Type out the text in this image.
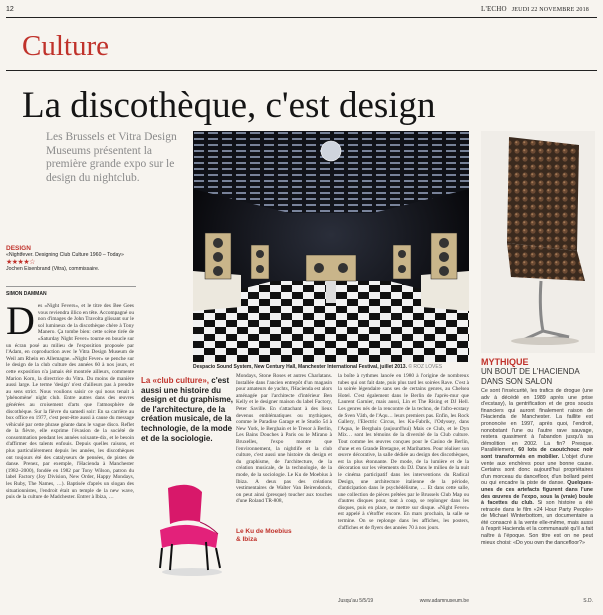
12	L'ECHO JEUDI 22 NOVEMBRE 2018
Culture
La discothèque, c'est design
Les Brussels et Vitra Design Museums présentent la première grande expo sur le design du nightclub.
Despacio Sound System, New Century Hall, Manchester International Festival, juillet 2013. © ROZ LOVES
DESIGN
«Nightfever. Designing Club Culture 1960 – Today»
★★★★☆
Jochen Eisenbrand (Vitra), commissaire.
SIMON DAMMAN
Des «Night Fevers», et le titre des Bee Gees vous reviendra illico en tête. Accompagné ou non d'images de John Travolta glissant sur le sol lumineux de la discothèque chère à Tony Manero. Ça tombe bien: cette scène tirée de «Saturday Night Fever» tourne en boucle sur un écran posé au milieu de l'exposition proposée par l'Adam, en coproduction avec le Vitra Design Museum de Weil am Rhein en Allemagne. «Night Fever» se penche sur le design de la club culture des années 60 à nos jours, et cette exposition n'a jamais été montrée ailleurs, commente Marion Korn, la directrice du Vitra. Du moins de manière aussi large. Le terme 'design' n'est d'ailleurs pas à prendre au sens strict. Nous voulions saisir ce qui nous tenait à 'phénomène' night club. Entre autres dans des œuvres générées au croisement d'arts que l'atmosphère de discothèque. Sur la fièvre du samedi soir: En sa carrière au box office en 1977, c'est peut-être aussi à cause du message véhiculé par cette phrase géante dans le vague disco. Reflet de la fièvre, elle exprime l'évasion de la société de consommation pendant les années soixante-dix, et le besoin d'affirmer des talents enfouis. Depuis quelles raisons, et plus particulièrement depuis les années, les discothèques ont toujours été des catalyseurs de pensées, de pistes de danse. Prenez, par exemple, l'Hacienda à Manchester (1982–2000), fondée en 1982 par Tony Wilson, patron du label Factory (Joy Division, New Order, Happy Mondays, les Ruby, The Names, …). Baptisée d'après un slogan des situationnistes, l'endroit était un temple de la new wave, puis de la culture de Madchester. Entrer à Ibiza, …
La «club culture», c'est aussi une histoire du design et du graphisme, de l'architecture, de la création musicale, de la technologie, de la mode et de la sociologie.
Mondays, Stone Roses et autres Charlatans. Installée dans l'ancien entrepôt d'un magasin pour amateurs de yachts, l'Hacienda est alors aménagée par l'architecte d'intérieur Ben Kelly et le designer maison du label Factory, Peter Saville. En s'attachant à des lieux devenus emblématiques ou mythiques, comme le Paradise Garage et le Studio 54 à New York, le Berghain et le Tresor à Berlin, Les Bains Douches à Paris ou le Mirano à Bruxelles, l'expo montre que l'environnement, la nightlife et la club culture, c'est aussi une histoire du design et du graphisme, de l'architecture, de la création musicale, de la technologie, de la mode, de la sociologie. Le Ku de Moebius à Ibiza. A deux pas des créations vestimentaires de Walter Van Beirendonck, on peut ainsi (presque) toucher aux touches d'une Roland TR-808,
Le Ku de Moebius & Ibiza
la boîte à rythmes lancée en 1980 à l'origine de nombreux tubes qui ont fait date, puis plus tard les soirées Rave. C'est à la soirée légendaire sans ses de certains genres, au Chelsea Hotel. C'est également dans le Berlin de l'après-mur que Laurent Garnier, mais aussi, Lin et The Rising et DJ Hell. Les genres nés de la rencontre de la techno, de l'afro-ecstasy de Sven Väth, de l'Aqu… leurs premiers pas. Enfin, les Rock Gallery, l'Electric Circus, les Ku-Fabrik, l'Odyssey, dans l'Aqua, le Berghain (aujourd'hui) Mais ce Club, et le Dyn Mix… sont les témoins de la diversité de la Club culture. Tout comme les œuvres conçues pour le Casino de Berlin, d'une et en Grande Bretagne, et Marihatten. Pour réaliser son œuvre décorative, la salle dédiée au design des discothèques, est la plus étonnante. De mode, de la lumière et de la décoration sur les vêtements du DJ. Dans le milieu de la nuit le cinéma participatif dans les interventions du Radical Design, une architecture italienne de la période, d'anticipation dans le psychédélisme, … Et dans cette salle, une collection de pièces prêtées par le Brussels Club Map ou d'autres disques pour, tout à coup, se replonger dans les disques, puis en place, se mettre sur disque. «Night Fever» est appelé à s'étoffer encore. En mars prochain, la salle se termine. On se replonge dans les affiches, les posters, d'affiches et de flyers des années 70 à nos jours.
Jusqu'au 5/5/19	www.adamnuseum.be
MYTHIQUE
UN BOUT DE L'HACIENDA DANS SON SALON
Ce sont l'insécurité, les trafics de drogue (une adv à décédé en 1989 après une prise d'ecstasy), la gentrification et de gros soucis financiers qui auront finalement raison de l'Hacienda de Manchester. La faillite est prononcée en 1997, après quoi, l'endroit, nonobstant l'une ou l'autre rave sauvage, restera quasiment à l'abandon jusqu'à sa démolition en 2002. La fin? Presque. Parallèlement, 60 lots de caoutchouc noir sont transformés en mobilier. L'objet d'une vente aux enchères pour une bonne cause. Certains sont donc aujourd'hui propriétaires d'un morceau du dancefloor, d'un bollard peint ou qui encadre la piste de danse. Quelques-unes de ces artefacts figurent dans l'une des œuvres de l'expo, sous la (vraie) boule à facettes du club. Si son histoire a été retracée dans le film «24 Hour Party People» de Michael Winterbottom, un documentaire a été consacré à la vente elle-même, mais aussi à l'esprit Hacienda et la communauté qu'il a fait naître à l'époque. Son titre est on ne peut mieux choisi: «Do you own the dancefloor?»
S.D.
